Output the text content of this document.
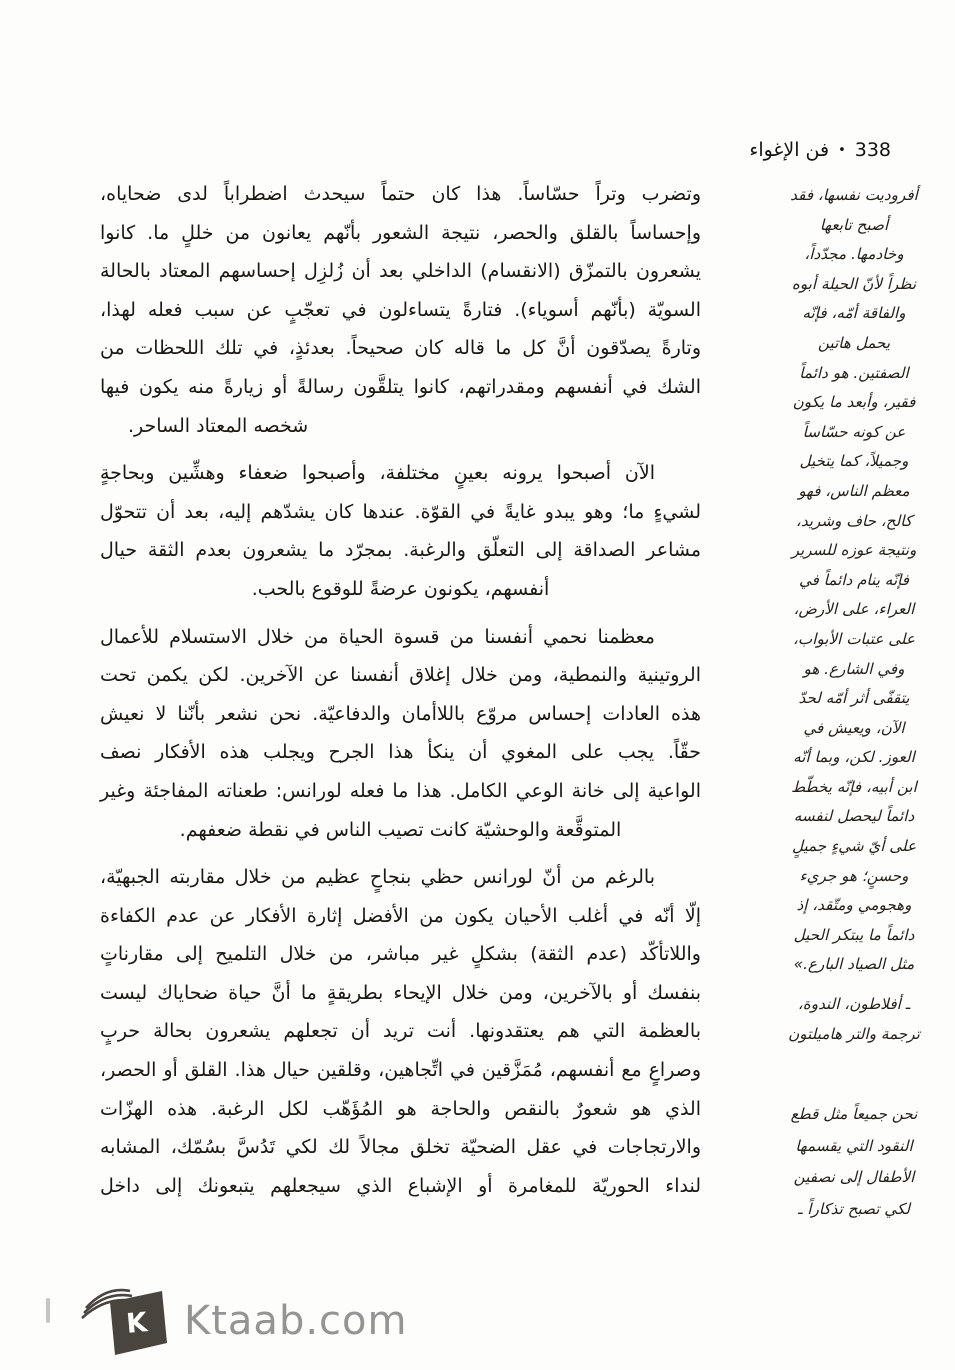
338•فن الإغواء
وتضرب وتراً حسّاساً. هذا كان حتماً سيحدث اضطراباً لدى ضحاياه،
وإحساساً بالقلق والحصر، نتيجة الشعور بأنّهم يعانون من خللٍ ما. كانوا
يشعرون بالتمزّق (الانقسام) الداخلي بعد أن زُلزِل إحساسهم المعتاد بالحالة
السويّة (بأنّهم أسوياء). فتارةً يتساءلون في تعجّبٍ عن سبب فعله لهذا،
وتارةً يصدّقون أنَّ كل ما قاله كان صحيحاً. بعدئذٍ، في تلك اللحظات من
الشك في أنفسهم ومقدراتهم، كانوا يتلقَّون رسالةً أو زيارةً منه يكون فيها
شخصه المعتاد الساحر.
الآن أصبحوا يرونه بعينٍ مختلفة، وأصبحوا ضعفاء وهشِّين وبحاجةٍ
لشيءٍ ما؛ وهو يبدو غايةً في القوّة. عندها كان يشدّهم إليه، بعد أن تتحوّل
مشاعر الصداقة إلى التعلّق والرغبة. بمجرّد ما يشعرون بعدم الثقة حيال
أنفسهم، يكونون عرضةً للوقوع بالحب.
معظمنا نحمي أنفسنا من قسوة الحياة من خلال الاستسلام للأعمال
الروتينية والنمطية، ومن خلال إغلاق أنفسنا عن الآخرين. لكن يكمن تحت
هذه العادات إحساس مروّع باللاأمان والدفاعيّة. نحن نشعر بأنّنا لا نعيش
حقّاً. يجب على المغوي أن ينكأ هذا الجرح ويجلب هذه الأفكار نصف
الواعية إلى خانة الوعي الكامل. هذا ما فعله لورانس: طعناته المفاجئة وغير
المتوقَّعة والوحشيّة كانت تصيب الناس في نقطة ضعفهم.
بالرغم من أنّ لورانس حظي بنجاحٍ عظيم من خلال مقاربته الجبهيّة،
إلّا أنّه في أغلب الأحيان يكون من الأفضل إثارة الأفكار عن عدم الكفاءة
واللاتأكّد (عدم الثقة) بشكلٍ غير مباشر، من خلال التلميح إلى مقارناتٍ
بنفسك أو بالآخرين، ومن خلال الإيحاء بطريقةٍ ما أنَّ حياة ضحاياك ليست
بالعظمة التي هم يعتقدونها. أنت تريد أن تجعلهم يشعرون بحالة حربٍ
وصراعٍ مع أنفسهم، مُمَزَّقين في اتِّجاهين، وقلقين حيال هذا. القلق أو الحصر،
الذي هو شعورٌ بالنقص والحاجة هو المُؤَهّب لكل الرغبة. هذه الهزّات
والارتجاجات في عقل الضحيّة تخلق مجالاً لك لكي تَدُسَّ بسُمّك، المشابه
لنداء الحوريّة للمغامرة أو الإشباع الذي سيجعلهم يتبعونك إلى داخل
أفروديت نفسها، فقد
أصبح تابعها
وخادمها. مجدّداً،
نظراً لأنّ الحيلة أبوه
والفاقة أمّه، فإنّه
يحمل هاتين
الصفتين. هو دائماً
فقير، وأبعد ما يكون
عن كونه حسّاساً
وجميلاً، كما يتخيل
معظم الناس، فهو
كالح، حاف وشريد،
ونتيجة عوزه للسرير
فإنّه ينام دائماً في
العراء، على الأرض،
على عتبات الأبواب،
وفي الشارع. هو
يتقفّى أثر أمّه لحدّ
الآن، ويعيش في
العوز. لكن، وبما أنّه
ابن أبيه، فإنّه يخطّط
دائماً ليحصل لنفسه
على أيّ شيءٍ جميلٍ
وحسنٍ؛ هو جريء
وهجومي ومتّقد، إذ
دائماً ما يبتكر الحيل
مثل الصياد البارع.»
ـ أفلاطون، الندوة،
ترجمة والتر هاميلتون
نحن جميعاً مثل قطع
النقود التي يقسمها
الأطفال إلى نصفين
لكي تصبح تذكاراً ـ
K Ktaab.com
